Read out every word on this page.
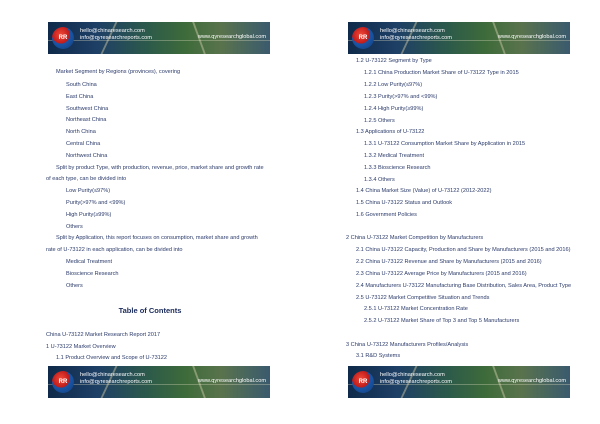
RR
hello@chinaresearch.com
info@qyresearchreports.com	www.qyresearchglobal.com
Market Segment by Regions (provinces), covering
South China
East China
Southwest China
Northeast China
North China
Central China
Northwest China
Split by product Type, with production, revenue, price, market share and growth rate
of each type, can be divided into
Low Purity(≤97%)
Purity(>97% and <99%)
High Purity(≥99%)
Others
Split by Application, this report focuses on consumption, market share and growth
rate of U-73122 in each application, can be divided into
Medical Treatment
Bioscience Research
Others
Table of Contents
China U-73122 Market Research Report 2017
1 U-73122 Market Overview
1.1 Product Overview and Scope of U-73122
RR
hello@chinaresearch.com
info@qyresearchreports.com	www.qyresearchglobal.com
RR
hello@chinaresearch.com
info@qyresearchreports.com	www.qyresearchglobal.com
1.2 U-73122 Segment by Type
1.2.1 China Production Market Share of U-73122 Type in 2015
1.2.2 Low Purity(≤97%)
1.2.3 Purity(>97% and <99%)
1.2.4 High Purity(≥99%)
1.2.5 Others
1.3 Applications of U-73122
1.3.1 U-73122 Consumption Market Share by Application in 2015
1.3.2 Medical Treatment
1.3.3 Bioscience Research
1.3.4 Others
1.4 China Market Size (Value) of U-73122 (2012-2022)
1.5 China U-73122 Status and Outlook
1.6 Government Policies
2 China U-73122 Market Competition by Manufacturers
2.1 China U-73122 Capacity, Production and Share by Manufacturers (2015 and 2016)
2.2 China U-73122 Revenue and Share by Manufacturers (2015 and 2016)
2.3 China U-73122 Average Price by Manufacturers (2015 and 2016)
2.4 Manufacturers U-73122 Manufacturing Base Distribution, Sales Area, Product Type
2.5 U-73122 Market Competitive Situation and Trends
2.5.1 U-73122 Market Concentration Rate
2.5.2 U-73122 Market Share of Top 3 and Top 5 Manufacturers
3 China U-73122 Manufacturers Profiles/Analysis
3.1 R&D Systems
RR
hello@chinaresearch.com
info@qyresearchreports.com	www.qyresearchglobal.com
